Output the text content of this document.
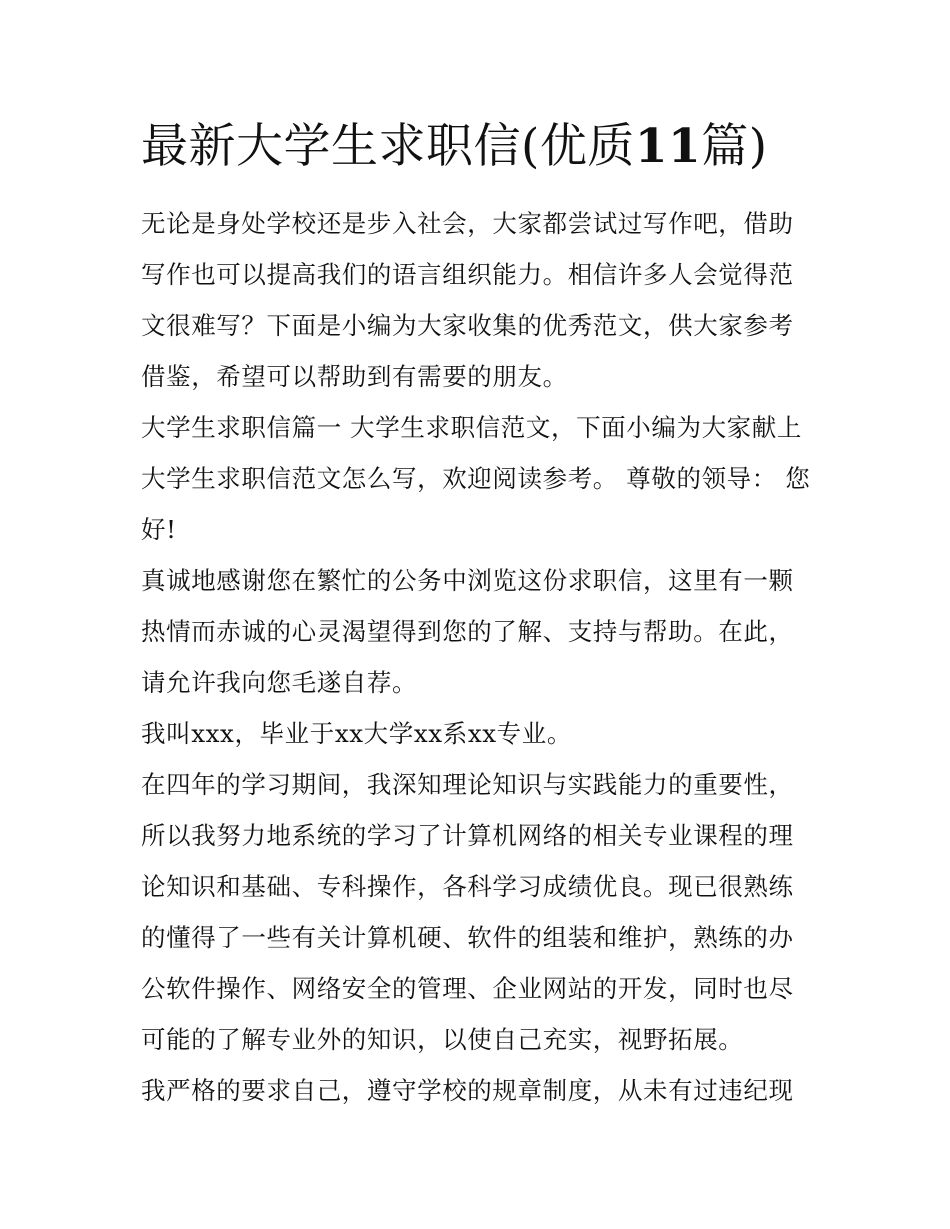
最新大学生求职信(优质11篇)

无论是身处学校还是步入社会，大家都尝试过写作吧，借助写作也可以提高我们的语言组织能力。相信许多人会觉得范文很难写？下面是小编为大家收集的优秀范文，供大家参考借鉴，希望可以帮助到有需要的朋友。

大学生求职信篇一 大学生求职信范文，下面小编为大家献上大学生求职信范文怎么写，欢迎阅读参考。 尊敬的领导： 您好!

真诚地感谢您在繁忙的公务中浏览这份求职信，这里有一颗热情而赤诚的心灵渴望得到您的了解、支持与帮助。在此，请允许我向您毛遂自荐。

我叫xxx，毕业于xx大学xx系xx专业。

在四年的学习期间，我深知理论知识与实践能力的重要性，所以我努力地系统的学习了计算机网络的相关专业课程的理论知识和基础、专科操作，各科学习成绩优良。现已很熟练的懂得了一些有关计算机硬、软件的组装和维护，熟练的办公软件操作、网络安全的管理、企业网站的开发，同时也尽可能的了解专业外的知识，以使自己充实，视野拓展。

我严格的要求自己，遵守学校的规章制度，从未有过违纪现
